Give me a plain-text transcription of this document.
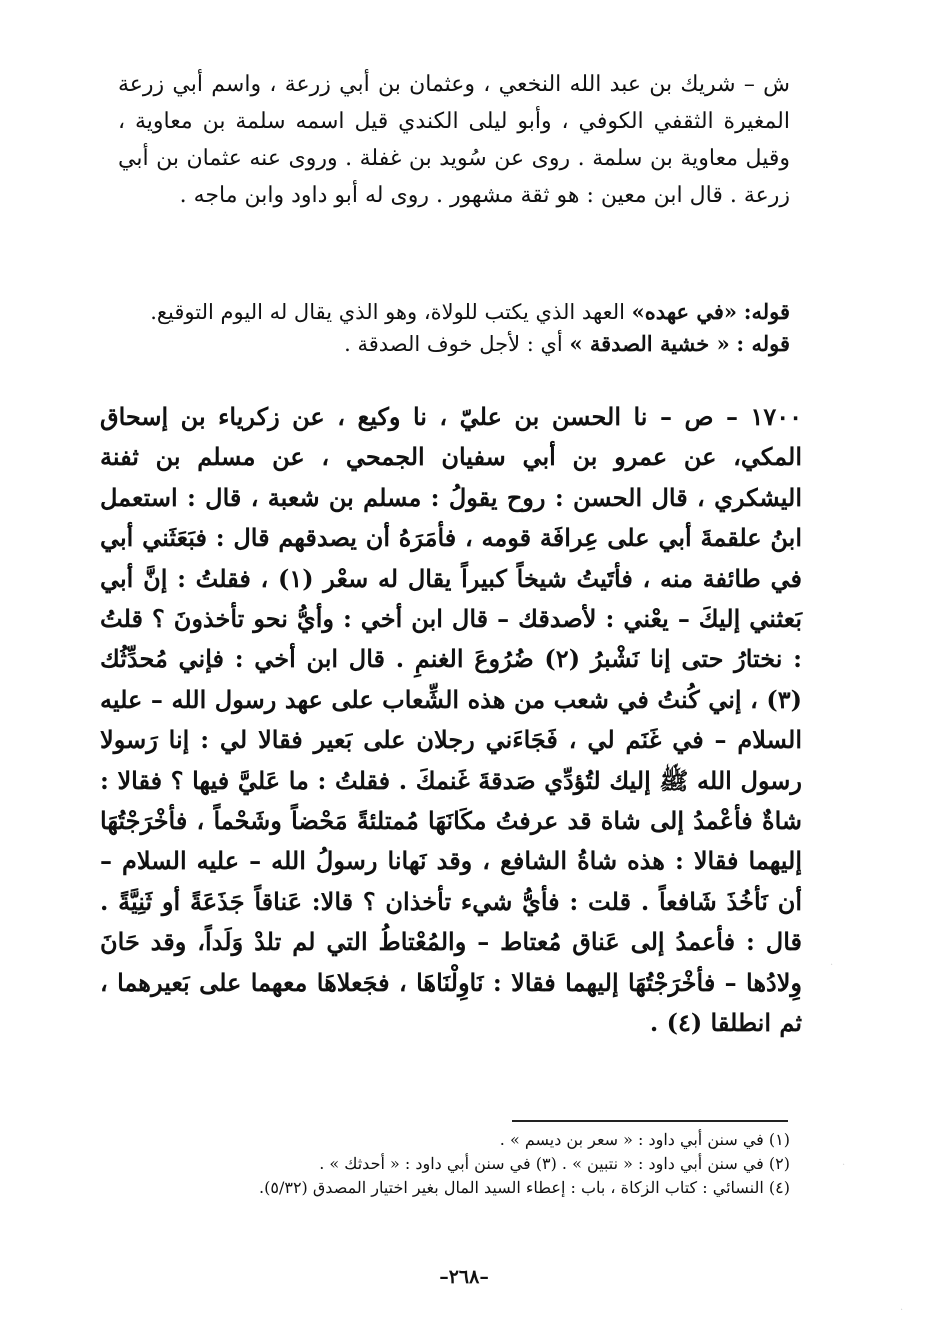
ش – شريك بن عبد الله النخعي ، وعثمان بن أبي زرعة ، واسم أبي زرعة المغيرة الثقفي الكوفي ، وأبو ليلى الكندي قيل اسمه سلمة بن معاوية ، وقيل معاوية بن سلمة . روى عن سُويد بن غفلة . وروى عنه عثمان بن أبي زرعة . قال ابن معين : هو ثقة مشهور . روى له أبو داود وابن ماجه .
قوله: «في عهده» العهد الذي يكتب للولاة، وهو الذي يقال له اليوم التوقيع.
قوله : « خشية الصدقة » أي : لأجل خوف الصدقة .
١٧٠٠ – ص – نا الحسن بن عليّ ، نا وكيع ، عن زكرياء بن إسحاق المكي، عن عمرو بن أبي سفيان الجمحي ، عن مسلم بن ثفنة اليشكري ، قال الحسن : روح يقولُ : مسلم بن شعبة ، قال : استعمل ابنُ علقمةَ أبي على عِرافَة قومه ، فأمَرَهُ أن يصدقهم قال : فبَعَثَني أبي في طائفة منه ، فأتَيتُ شيخاً كبيراً يقال له سعْر (١) ، فقلتُ : إنَّ أبي بَعثني إليكَ – يعْني : لأصدقك – قال ابن أخي : وأيُّ نحو تأخذونَ ؟ قلتُ : نختارُ حتى إنا نَشْبرُ (٢) ضُرُوعَ الغنمِ . قال ابن أخي : فإني مُحدِّثُك (٣) ، إني كُنتُ في شعب من هذه الشِّعاب على عهد رسول الله – عليه السلام – في غَنَم لي ، فَجَاءَني رجلان على بَعير فقالا لي : إنا رَسولا رسول الله ﷺ إليك لتُؤدِّي صَدقةَ غَنمكَ . فقلتُ : ما عَليَّ فيها ؟ فقالا : شاةٌ فأعْمدُ إلى شاة قد عرفتُ مكَانَهَا مُمتلئةً مَحْضاً وشَحْماً ، فأخْرَجْتُهَا إليهما فقالا : هذه شاةُ الشافع ، وقد نَهانا رسولُ الله – عليه السلام – أن نَأخُذَ شَافعاً . قلت : فأيُّ شيء تأخذان ؟ قالا: عَناقاً جَذَعَةً أو ثَنِيَّةً . قال : فأعمدُ إلى عَناق مُعتاط – والمُعْتاطُ التي لم تلدْ وَلَداً، وقد حَانَ وِلادُها – فأخْرَجْتُهَا إليهما فقالا : نَاوِلْنَاهَا ، فجَعلاهَا معهما على بَعيرهما ، ثم انطلقا (٤) .
(١) في سنن أبي داود : « سعر بن ديسم » .
(٢) في سنن أبي داود : « نتبين » . (٣) في سنن أبي داود : « أحدثك » .
(٤) النسائي : كتاب الزكاة ، باب : إعطاء السيد المال بغير اختيار المصدق (٥/٣٢).
–٢٦٨–
·
·
·
